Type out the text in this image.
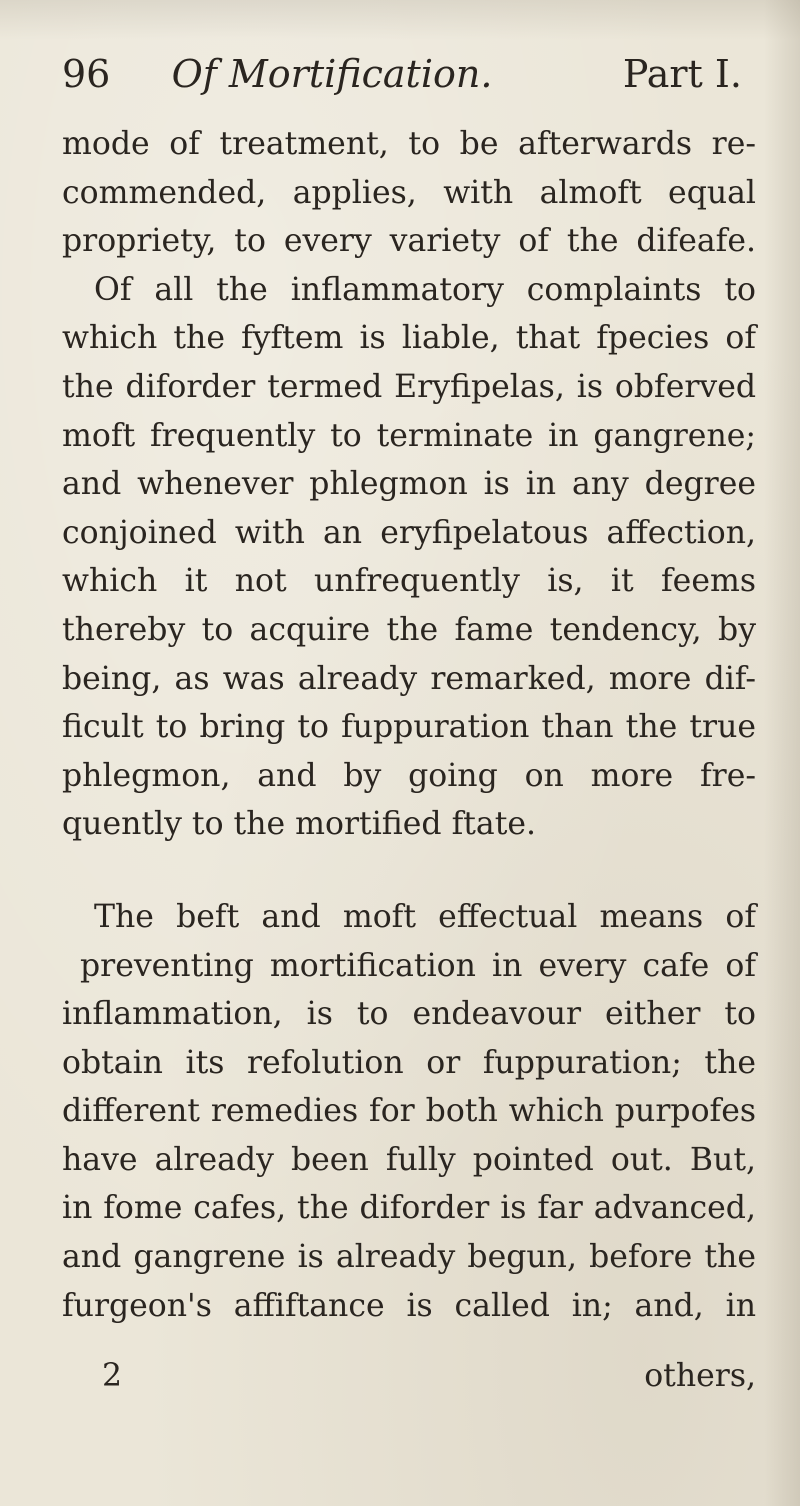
96 Of Mortification.	Part I.
mode of treatment, to be afterwards re-
commended, applies, with almoft equal
propriety, to every variety of the difeafe.
Of all the inflammatory complaints to
which the fyftem is liable, that fpecies of
the diforder termed Eryfipelas, is obferved
moft frequently to terminate in gangrene;
and whenever phlegmon is in any degree
conjoined with an eryfipelatous affection,
which it not unfrequently is, it feems
thereby to acquire the fame tendency, by
being, as was already remarked, more dif-
ficult to bring to fuppuration than the true
phlegmon, and by going on more fre-
quently to the mortified ftate.
The beft and moft effectual means of
preventing mortification in every cafe of
inflammation, is to endeavour either to
obtain its refolution or fuppuration; the
different remedies for both which purpofes
have already been fully pointed out. But,
in fome cafes, the diforder is far advanced,
and gangrene is already begun, before the
furgeon's affiftance is called in; and, in
2	others,
